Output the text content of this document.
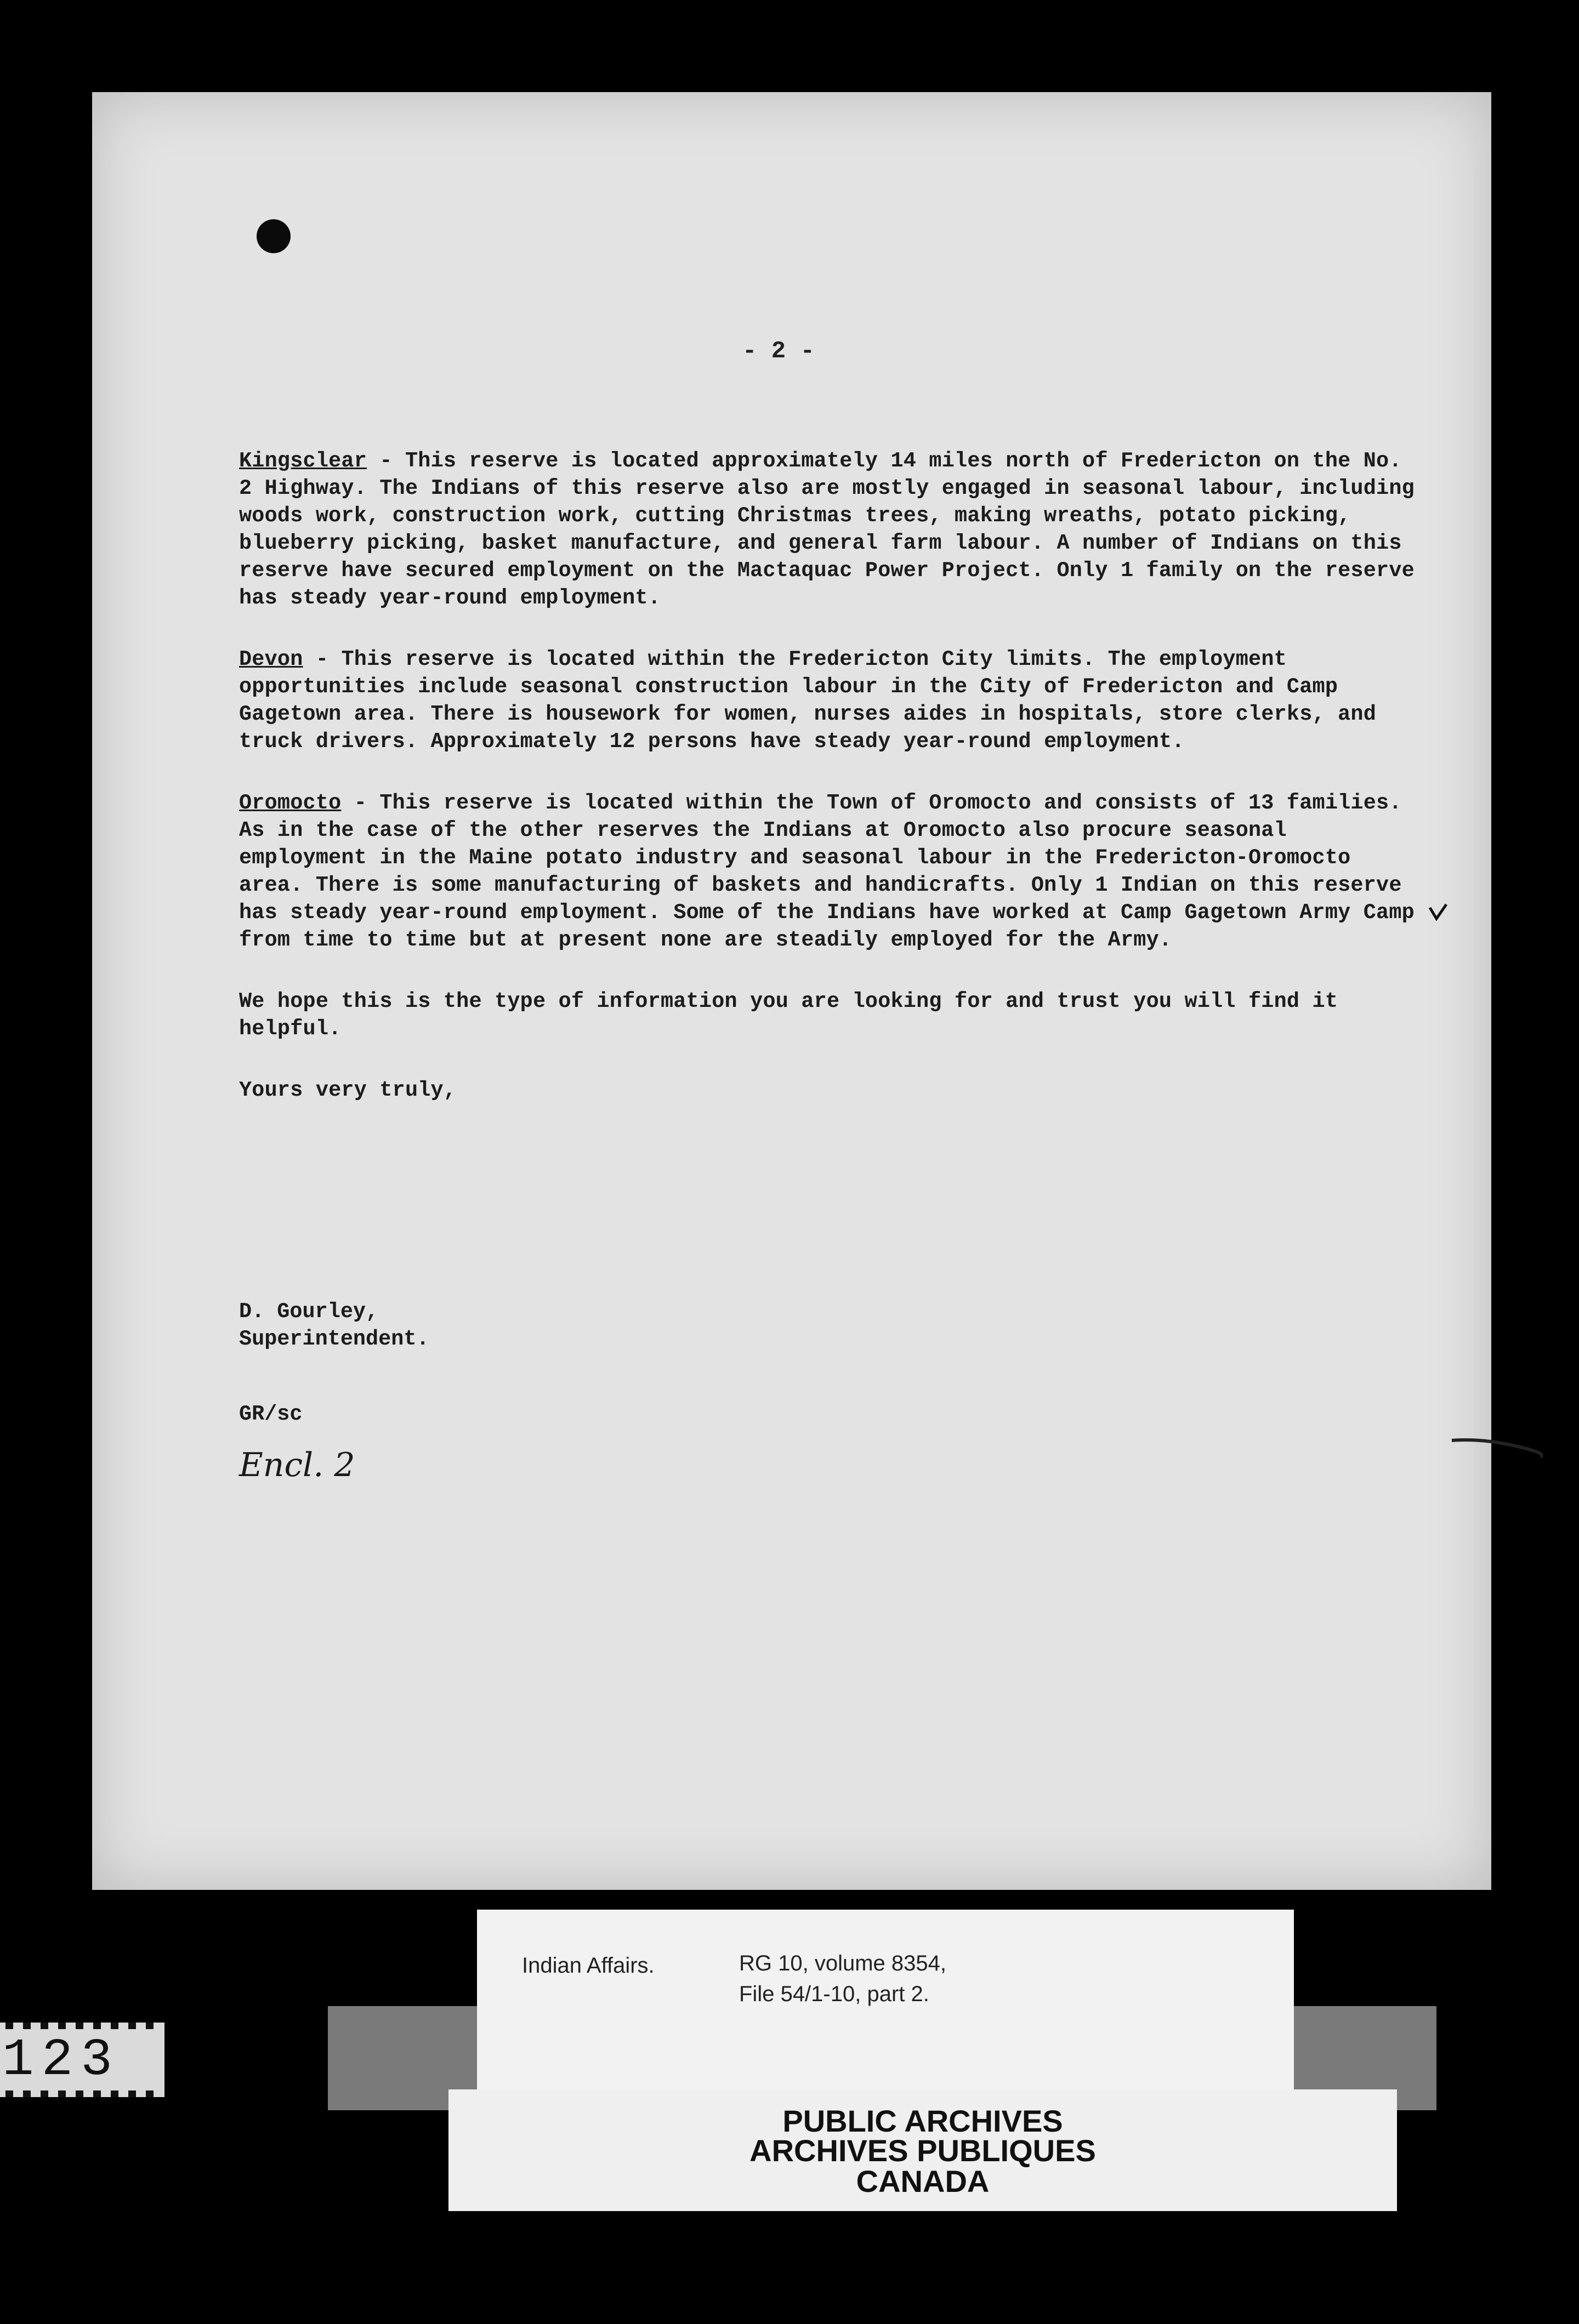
- 2 -

Kingsclear - This reserve is located approximately 14 miles north of Fredericton on the No. 2 Highway. The Indians of this reserve also are mostly engaged in seasonal labour, including woods work, construction work, cutting Christmas trees, making wreaths, potato picking, blueberry picking, basket manufacture, and general farm labour. A number of Indians on this reserve have secured employment on the Mactaquac Power Project. Only 1 family on the reserve has steady year-round employment.

Devon - This reserve is located within the Fredericton City limits. The employment opportunities include seasonal construction labour in the City of Fredericton and Camp Gagetown area. There is housework for women, nurses aides in hospitals, store clerks, and truck drivers. Approximately 12 persons have steady year-round employment.

Oromocto - This reserve is located within the Town of Oromocto and consists of 13 families. As in the case of the other reserves the Indians at Oromocto also procure seasonal employment in the Maine potato industry and seasonal labour in the Fredericton-Oromocto area. There is some manufacturing of baskets and handicrafts. Only 1 Indian on this reserve has steady year-round employment. Some of the Indians have worked at Camp Gagetown Army Camp from time to time but at present none are steadily employed for the Army.

We hope this is the type of information you are looking for and trust you will find it helpful.

Yours very truly,

D. Gourley,
Superintendent.
GR/sc
Encl. 2
123
Indian Affairs.	RG 10, volume 8354,
File 54/1-10, part 2.
PUBLIC ARCHIVES
ARCHIVES PUBLIQUES
CANADA
